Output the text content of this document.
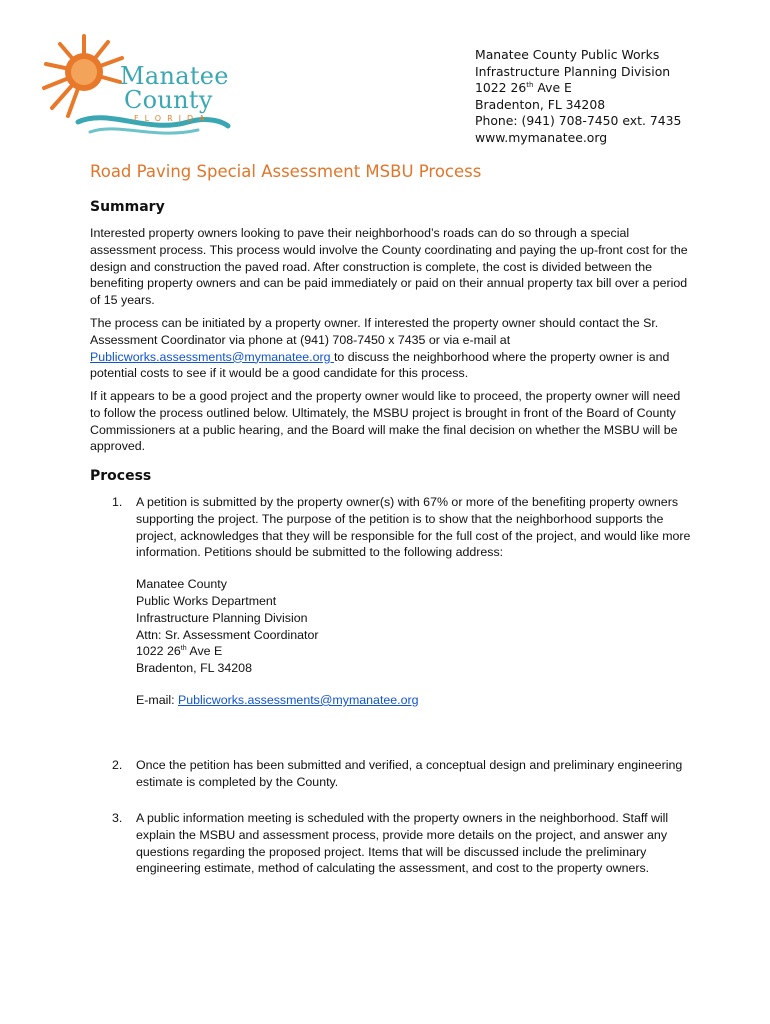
Manatee
County
FLORIDA
Manatee County Public Works
Infrastructure Planning Division
1022 26th Ave E
Bradenton, FL 34208
Phone: (941) 708-7450 ext. 7435
www.mymanatee.org
Road Paving Special Assessment MSBU Process
Summary
Interested property owners looking to pave their neighborhood’s roads can do so through a special assessment process. This process would involve the County coordinating and paying the up-front cost for the design and construction the paved road. After construction is complete, the cost is divided between the benefiting property owners and can be paid immediately or paid on their annual property tax bill over a period of 15 years.
The process can be initiated by a property owner. If interested the property owner should contact the Sr. Assessment Coordinator via phone at (941) 708-7450 x 7435 or via e-mail at Publicworks.assessments@mymanatee.org to discuss the neighborhood where the property owner is and potential costs to see if it would be a good candidate for this process.
If it appears to be a good project and the property owner would like to proceed, the property owner will need to follow the process outlined below. Ultimately, the MSBU project is brought in front of the Board of County Commissioners at a public hearing, and the Board will make the final decision on whether the MSBU will be approved.
Process
1. A petition is submitted by the property owner(s) with 67% or more of the benefiting property owners supporting the project. The purpose of the petition is to show that the neighborhood supports the project, acknowledges that they will be responsible for the full cost of the project, and would like more information. Petitions should be submitted to the following address:
Manatee County
Public Works Department
Infrastructure Planning Division
Attn: Sr. Assessment Coordinator
1022 26th Ave E
Bradenton, FL 34208
E-mail: Publicworks.assessments@mymanatee.org
2. Once the petition has been submitted and verified, a conceptual design and preliminary engineering estimate is completed by the County.
3. A public information meeting is scheduled with the property owners in the neighborhood. Staff will explain the MSBU and assessment process, provide more details on the project, and answer any questions regarding the proposed project. Items that will be discussed include the preliminary engineering estimate, method of calculating the assessment, and cost to the property owners.
